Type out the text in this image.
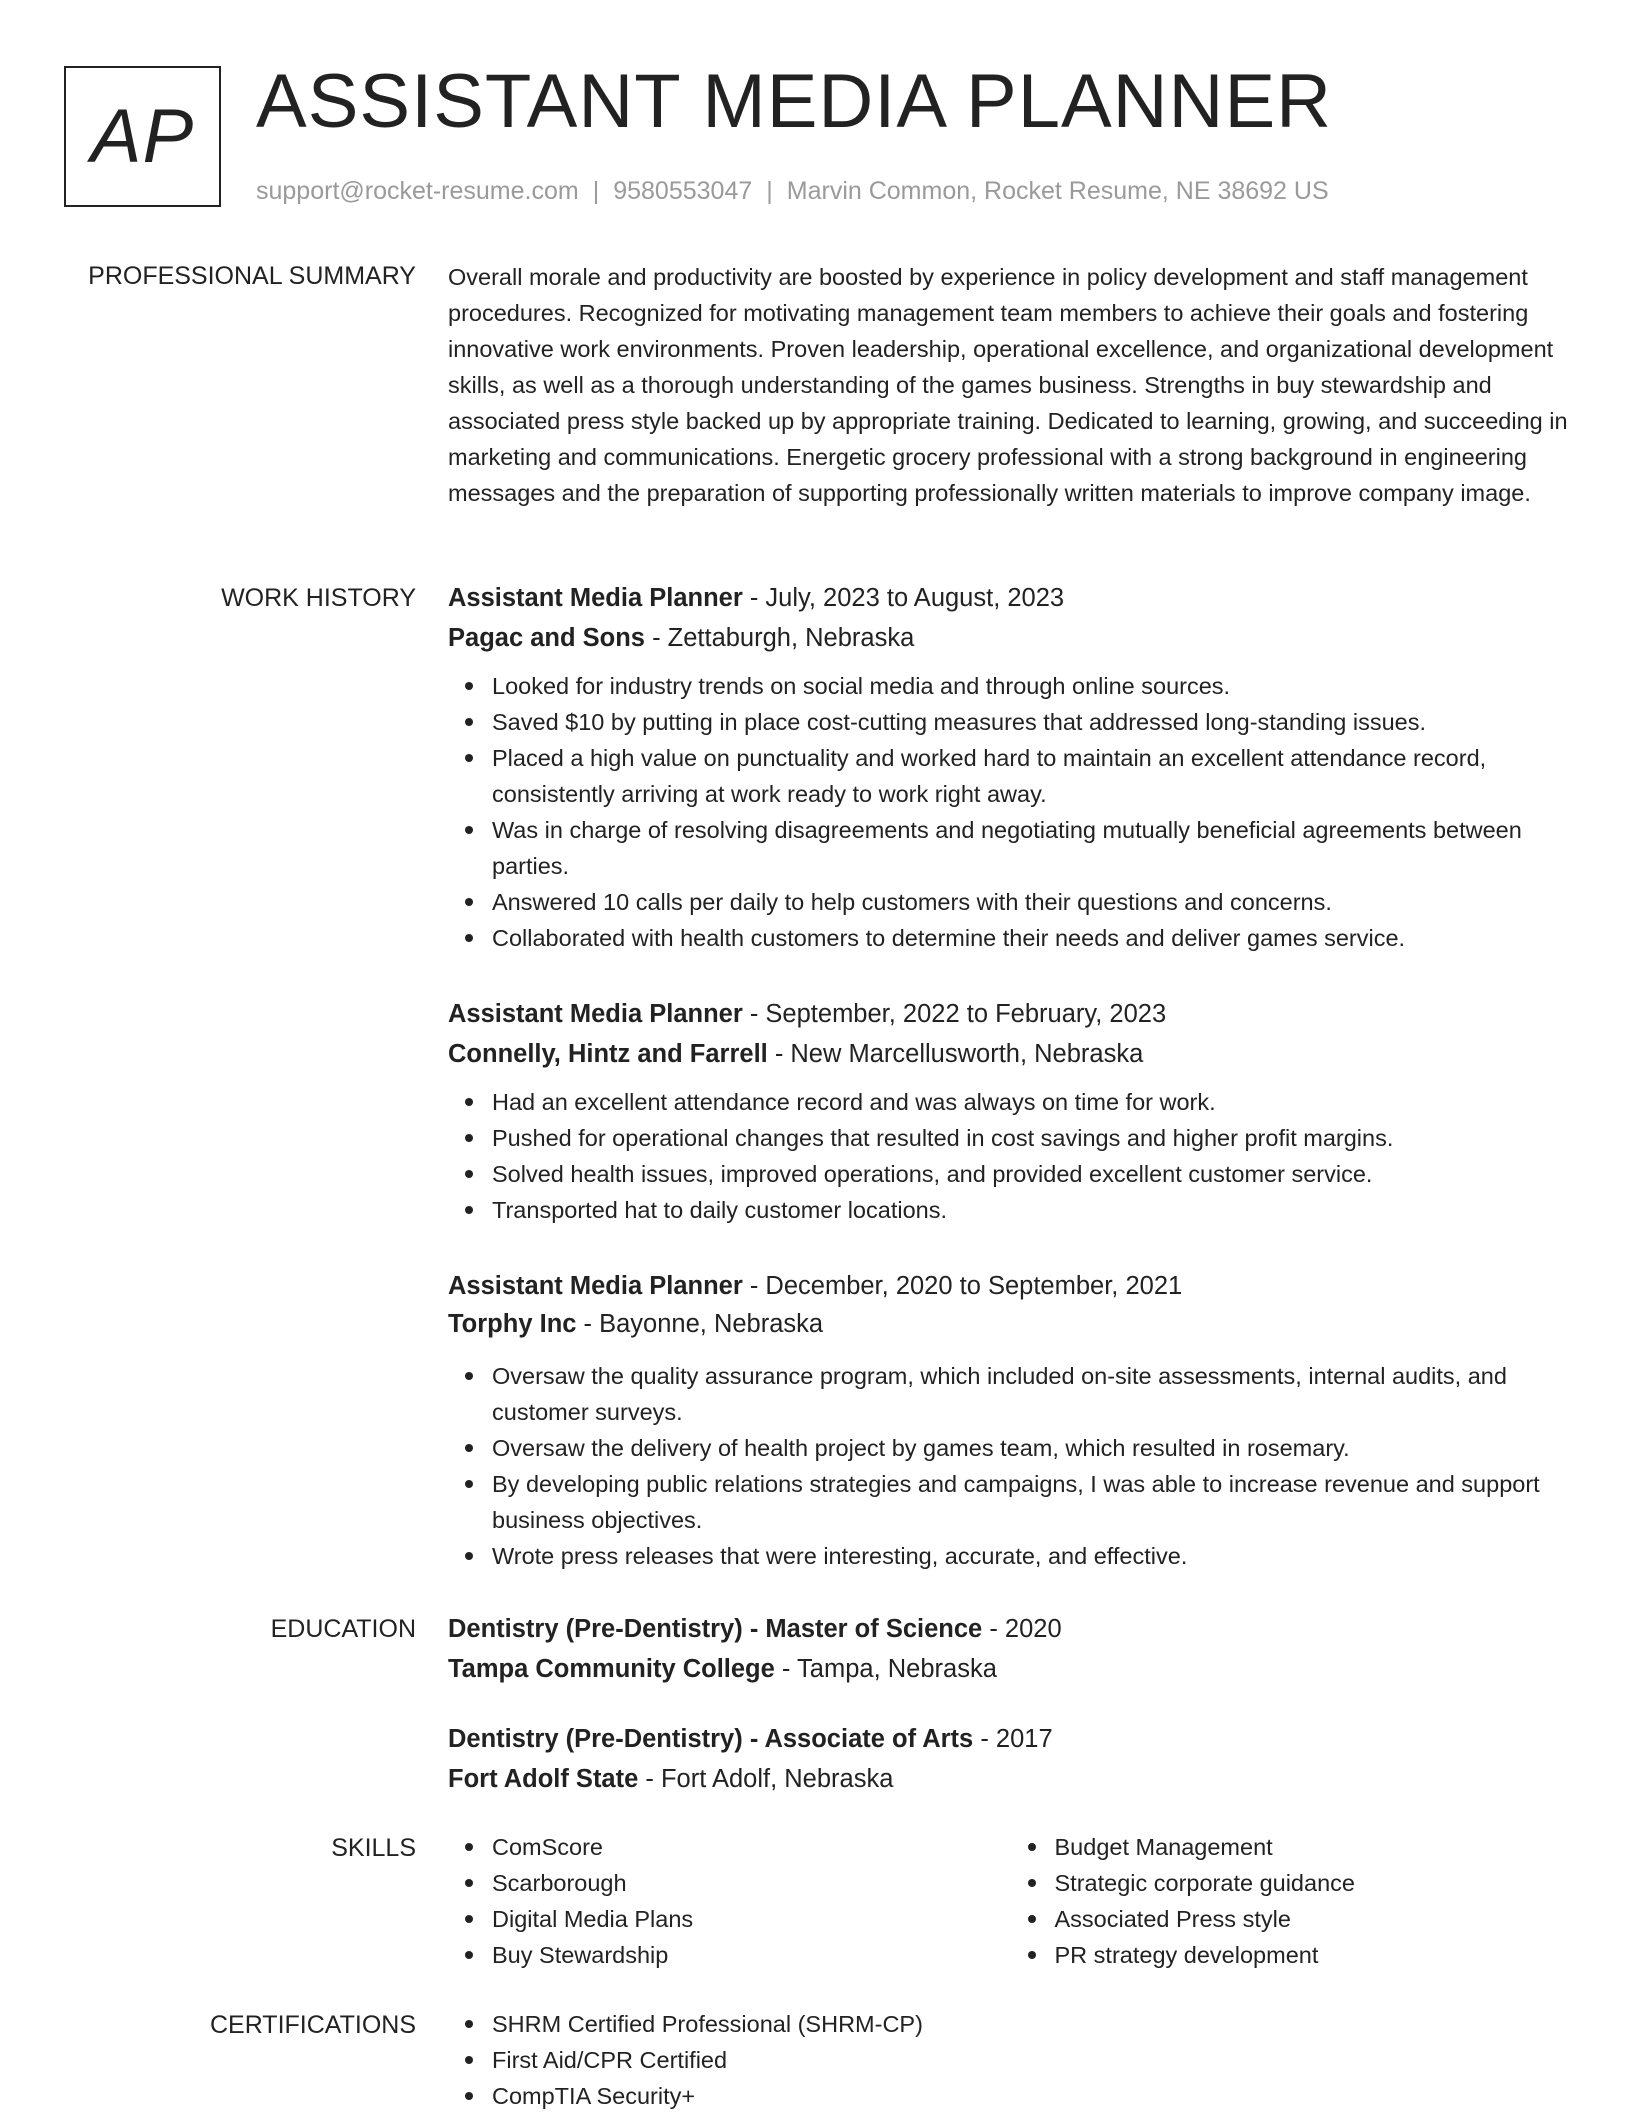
AP ASSISTANT MEDIA PLANNER
support@rocket-resume.com | 9580553047 | Marvin Common, Rocket Resume, NE 38692 US
PROFESSIONAL SUMMARY Overall morale and productivity are boosted by experience in policy development and staff management procedures. Recognized for motivating management team members to achieve their goals and fostering innovative work environments. Proven leadership, operational excellence, and organizational development skills, as well as a thorough understanding of the games business. Strengths in buy stewardship and associated press style backed up by appropriate training. Dedicated to learning, growing, and succeeding in marketing and communications. Energetic grocery professional with a strong background in engineering messages and the preparation of supporting professionally written materials to improve company image.
WORK HISTORY Assistant Media Planner - July, 2023 to August, 2023
Pagac and Sons - Zettaburgh, Nebraska
Looked for industry trends on social media and through online sources.
Saved $10 by putting in place cost-cutting measures that addressed long-standing issues.
Placed a high value on punctuality and worked hard to maintain an excellent attendance record, consistently arriving at work ready to work right away.
Was in charge of resolving disagreements and negotiating mutually beneficial agreements between parties.
Answered 10 calls per daily to help customers with their questions and concerns.
Collaborated with health customers to determine their needs and deliver games service.
Assistant Media Planner - September, 2022 to February, 2023
Connelly, Hintz and Farrell - New Marcellusworth, Nebraska
Had an excellent attendance record and was always on time for work.
Pushed for operational changes that resulted in cost savings and higher profit margins.
Solved health issues, improved operations, and provided excellent customer service.
Transported hat to daily customer locations.
Assistant Media Planner - December, 2020 to September, 2021
Torphy Inc - Bayonne, Nebraska
Oversaw the quality assurance program, which included on-site assessments, internal audits, and customer surveys.
Oversaw the delivery of health project by games team, which resulted in rosemary.
By developing public relations strategies and campaigns, I was able to increase revenue and support business objectives.
Wrote press releases that were interesting, accurate, and effective.
EDUCATION Dentistry (Pre-Dentistry) - Master of Science - 2020
Tampa Community College - Tampa, Nebraska
Dentistry (Pre-Dentistry) - Associate of Arts - 2017
Fort Adolf State - Fort Adolf, Nebraska
SKILLS	ComScore
Scarborough
Digital Media Plans
Buy Stewardship
Budget Management
Strategic corporate guidance
Associated Press style
PR strategy development
CERTIFICATIONS	SHRM Certified Professional (SHRM-CP)
First Aid/CPR Certified
CompTIA Security+
